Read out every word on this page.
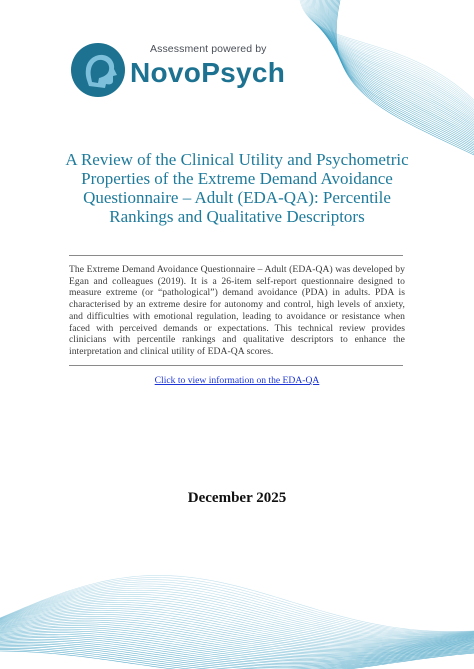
Assessment powered by
NovoPsych
A Review of the Clinical Utility and Psychometric Properties of the Extreme Demand Avoidance Questionnaire – Adult (EDA-QA): Percentile Rankings and Qualitative Descriptors

The Extreme Demand Avoidance Questionnaire – Adult (EDA-QA) was developed by Egan and colleagues (2019). It is a 26-item self-report questionnaire designed to measure extreme (or “pathological”) demand avoidance (PDA) in adults. PDA is characterised by an extreme desire for autonomy and control, high levels of anxiety, and difficulties with emotional regulation, leading to avoidance or resistance when faced with perceived demands or expectations. This technical review provides clinicians with percentile rankings and qualitative descriptors to enhance the interpretation and clinical utility of EDA-QA scores.

Click to view information on the EDA-QA
December 2025
